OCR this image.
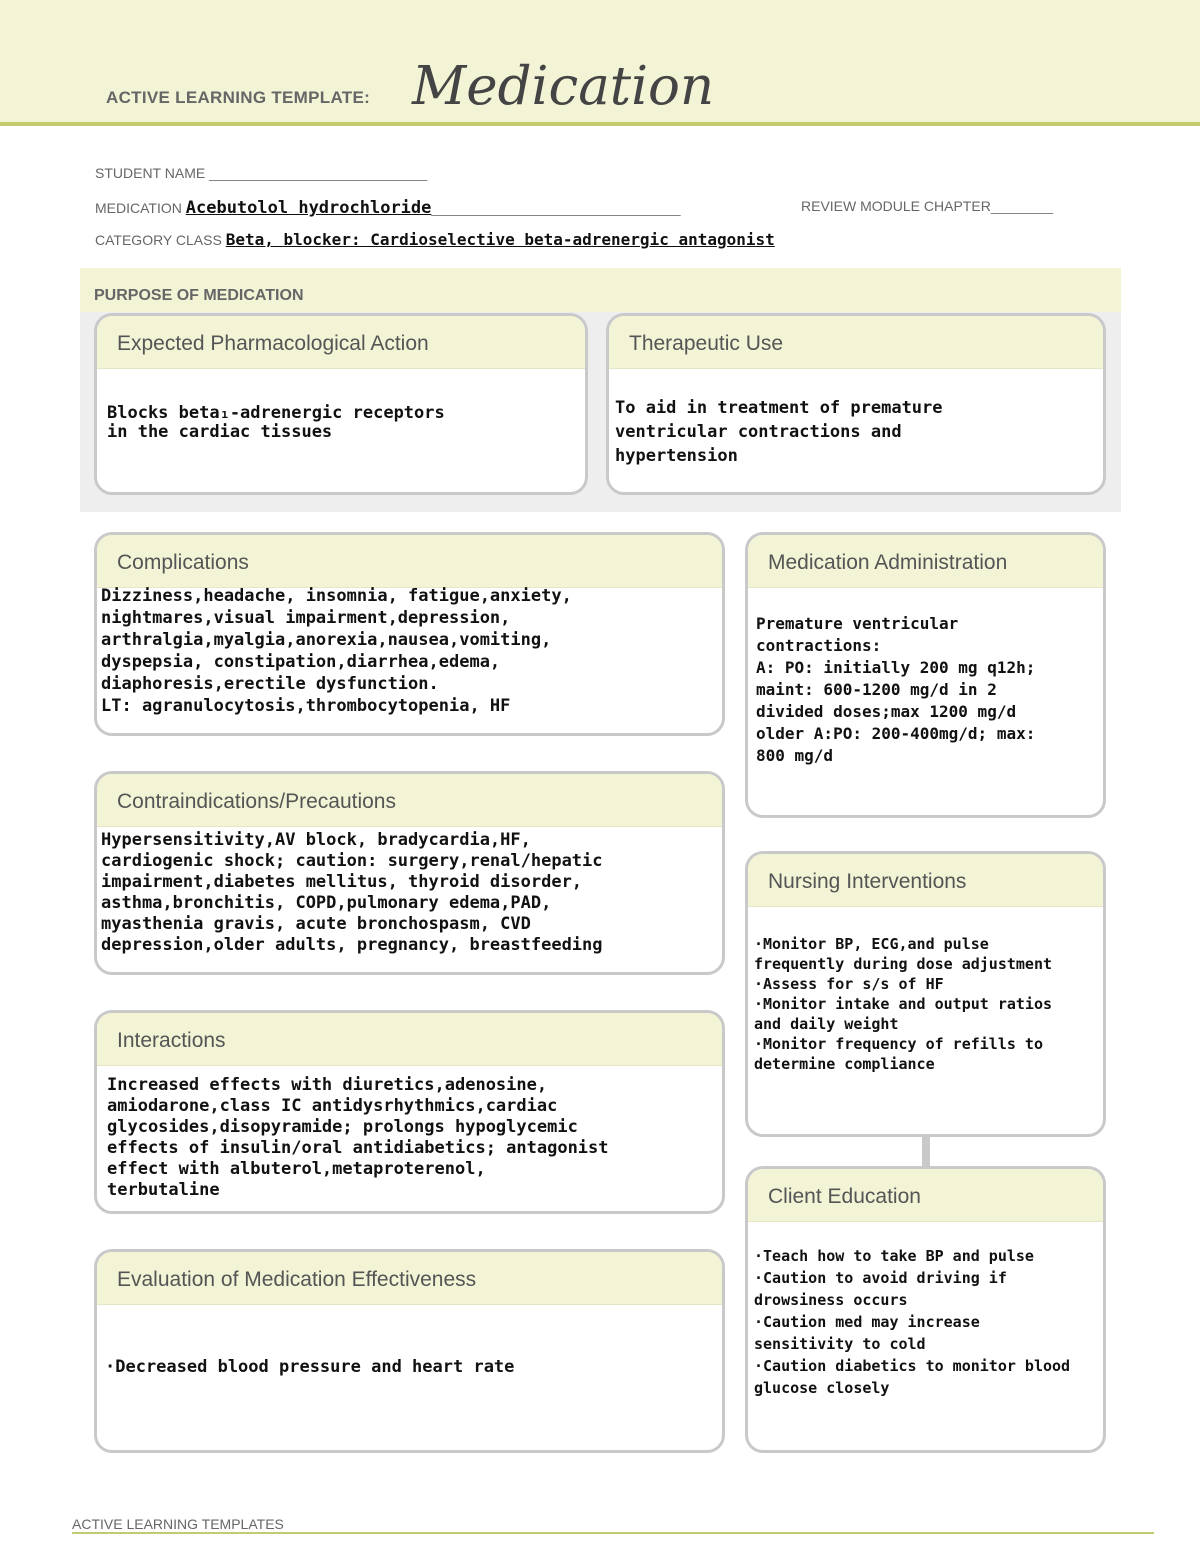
ACTIVE LEARNING TEMPLATE: Medication
STUDENT NAME ____________________________
MEDICATION Acebutolol hydrochloride________________________________	REVIEW MODULE CHAPTER________
CATEGORY CLASS Beta, blocker: Cardioselective beta-adrenergic antagonist
PURPOSE OF MEDICATION
Expected Pharmacological Action
Blocks beta₁-adrenergic receptors
in the cardiac tissues
Therapeutic Use
To aid in treatment of premature
ventricular contractions and
hypertension
Complications
Dizziness,headache, insomnia, fatigue,anxiety,
nightmares,visual impairment,depression,
arthralgia,myalgia,anorexia,nausea,vomiting,
dyspepsia, constipation,diarrhea,edema,
diaphoresis,erectile dysfunction.
LT: agranulocytosis,thrombocytopenia, HF
Contraindications/Precautions
Hypersensitivity,AV block, bradycardia,HF,
cardiogenic shock; caution: surgery,renal/hepatic
impairment,diabetes mellitus, thyroid disorder,
asthma,bronchitis, COPD,pulmonary edema,PAD,
myasthenia gravis, acute bronchospasm, CVD
depression,older adults, pregnancy, breastfeeding
Interactions
Increased effects with diuretics,adenosine,
amiodarone,class IC antidysrhythmics,cardiac
glycosides,disopyramide; prolongs hypoglycemic
effects of insulin/oral antidiabetics; antagonist
effect with albuterol,metaproterenol,
terbutaline
Evaluation of Medication Effectiveness
·Decreased blood pressure and heart rate
Medication Administration
Premature ventricular
contractions:
A: PO: initially 200 mg q12h;
maint: 600-1200 mg/d in 2
divided doses;max 1200 mg/d
older A:PO: 200-400mg/d; max:
800 mg/d
Nursing Interventions
·Monitor BP, ECG,and pulse
frequently during dose adjustment
·Assess for s/s of HF
·Monitor intake and output ratios
and daily weight
·Monitor frequency of refills to
determine compliance
Client Education
·Teach how to take BP and pulse
·Caution to avoid driving if
drowsiness occurs
·Caution med may increase
sensitivity to cold
·Caution diabetics to monitor blood
glucose closely
ACTIVE LEARNING TEMPLATES
